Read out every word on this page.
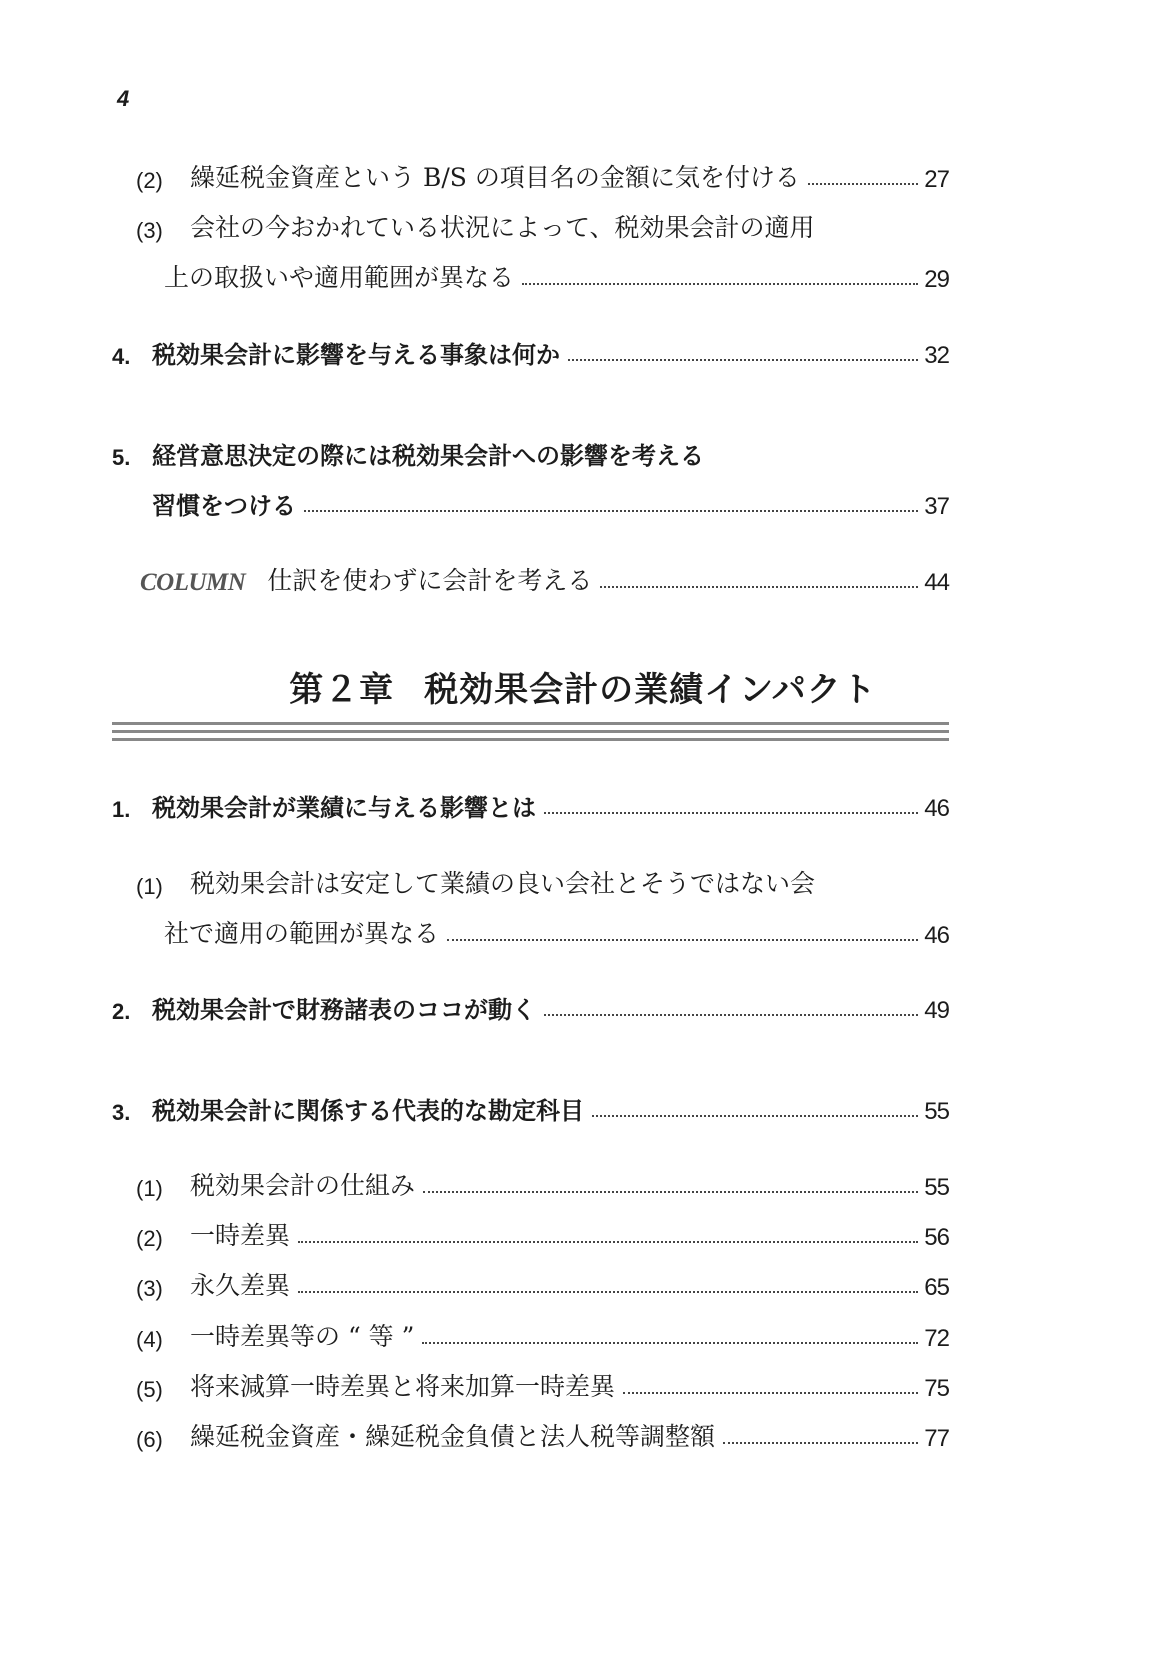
4
(2)	繰延税金資産という B/S の項目名の金額に気を付ける	27
(3)	会社の今おかれている状況によって、税効果会計の適用
上の取扱いや適用範囲が異なる	29
4. 税効果会計に影響を与える事象は何か	32
5. 経営意思決定の際には税効果会計への影響を考える
習慣をつける	37
COLUMN 仕訳を使わずに会計を考える	44
第２章 税効果会計の業績インパクト
1. 税効果会計が業績に与える影響とは	46
(1)	税効果会計は安定して業績の良い会社とそうではない会
社で適用の範囲が異なる	46
2. 税効果会計で財務諸表のココが動く	49
3. 税効果会計に関係する代表的な勘定科目	55
(1)	税効果会計の仕組み	55
(2)	一時差異	56
(3)	永久差異	65
(4)	一時差異等の “ 等 ”	72
(5)	将来減算一時差異と将来加算一時差異	75
(6)	繰延税金資産・繰延税金負債と法人税等調整額	77
